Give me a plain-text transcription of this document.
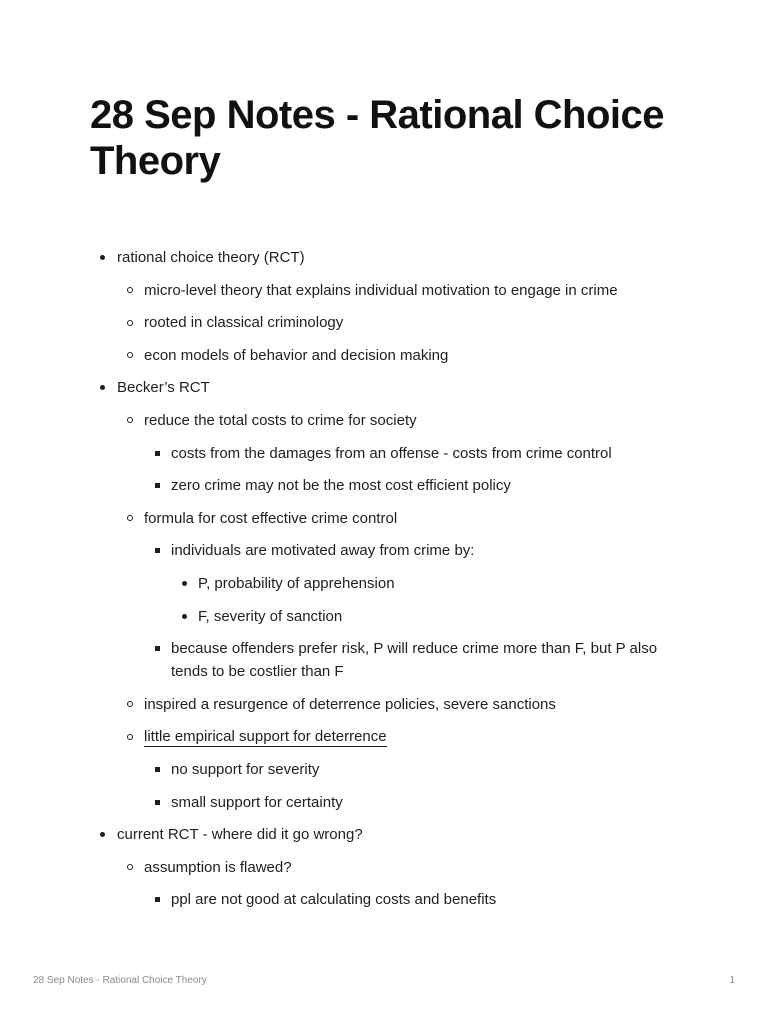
28 Sep Notes - Rational Choice Theory
rational choice theory (RCT)
micro-level theory that explains individual motivation to engage in crime
rooted in classical criminology
econ models of behavior and decision making
Becker’s RCT
reduce the total costs to crime for society
costs from the damages from an offense - costs from crime control
zero crime may not be the most cost efficient policy
formula for cost effective crime control
individuals are motivated away from crime by:
P, probability of apprehension
F, severity of sanction
because offenders prefer risk, P will reduce crime more than F, but P also tends to be costlier than F
inspired a resurgence of deterrence policies, severe sanctions
little empirical support for deterrence
no support for severity
small support for certainty
current RCT - where did it go wrong?
assumption is flawed?
ppl are not good at calculating costs and benefits
28 Sep Notes - Rational Choice Theory	1
